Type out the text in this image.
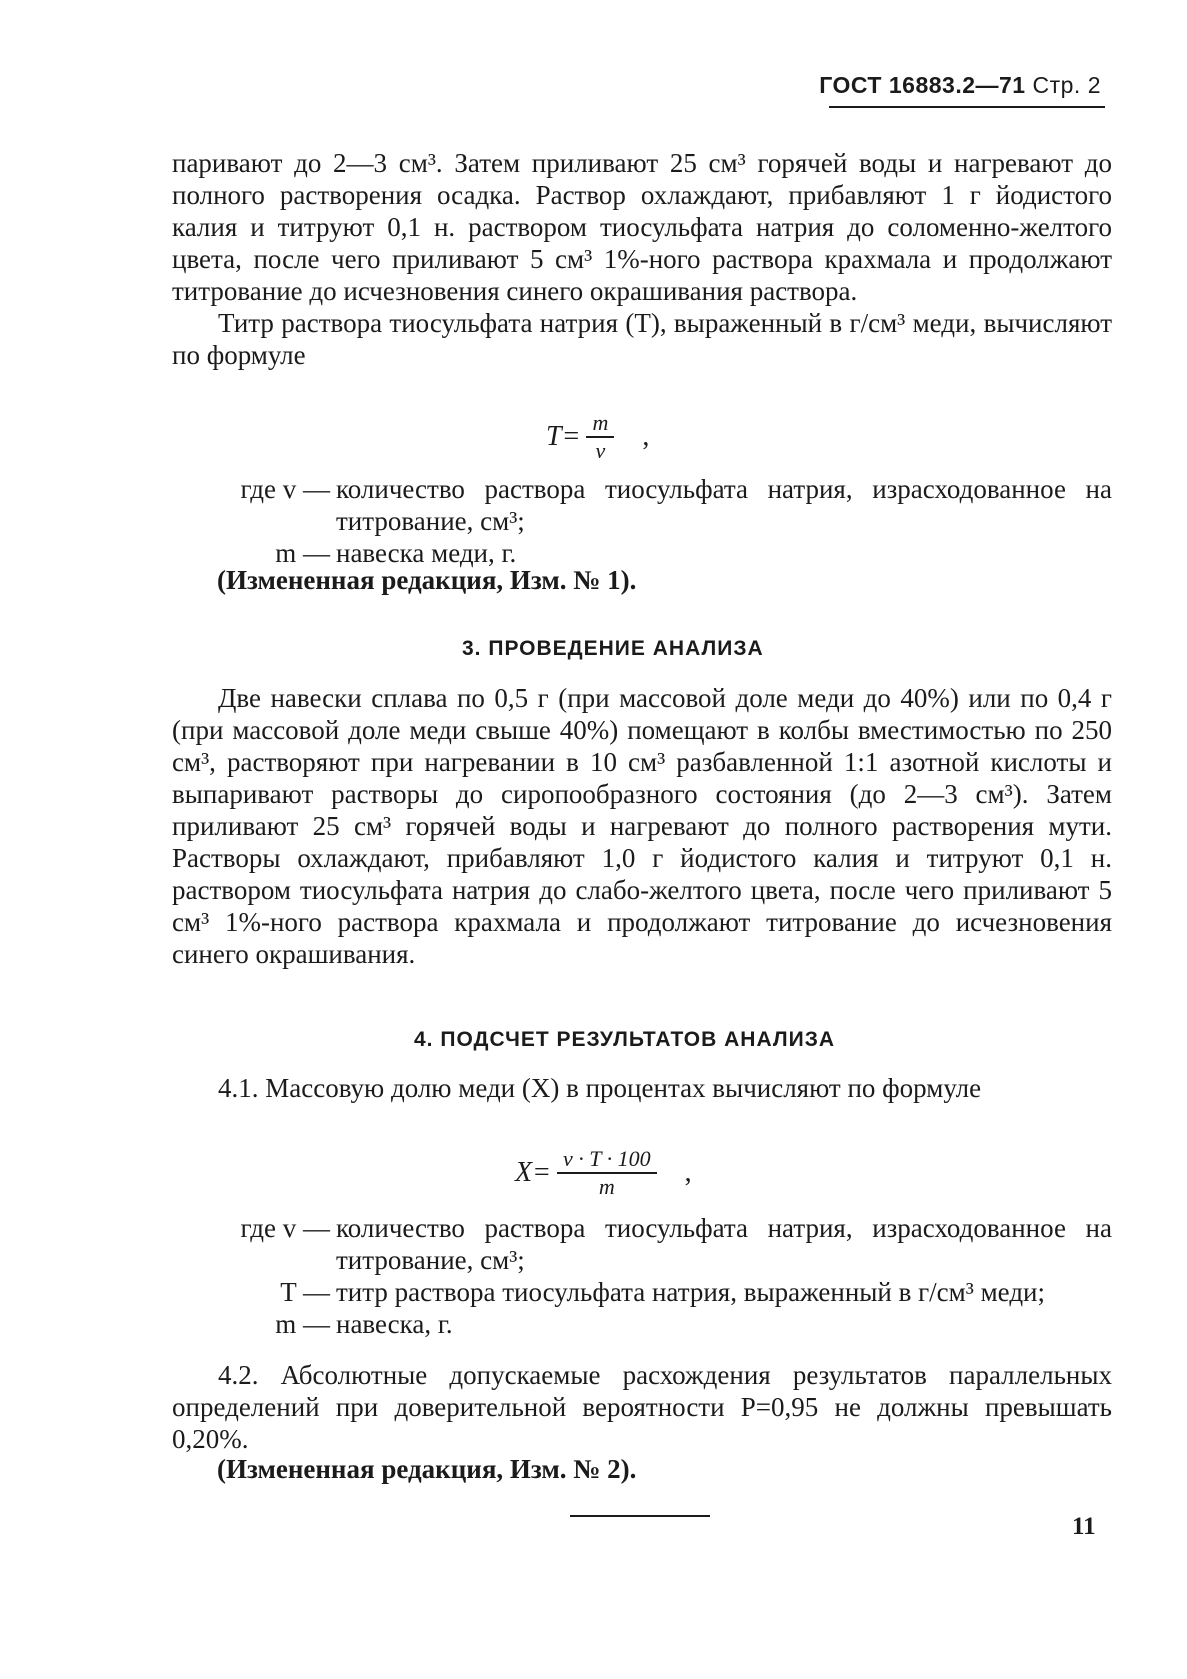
ГОСТ 16883.2—71 Стр. 2

паривают до 2—3 см³. Затем приливают 25 см³ горячей воды и нагревают до полного растворения осадка. Раствор охлаждают, прибавляют 1 г йодистого калия и титруют 0,1 н. раствором тиосульфата натрия до соломенно-желтого цвета, после чего приливают 5 см³ 1%-ного раствора крахмала и продолжают титрование до исчезновения синего окрашивания раствора.

Титр раствора тиосульфата натрия (T), выраженный в г/см³ меди, вычисляют по формуле

$T= \frac{m}{v}$ ,
где v — количество раствора тиосульфата натрия, израсходованное на титрование, см³;
m — навеска меди, г.
(Измененная редакция, Изм. № 1).
3. ПРОВЕДЕНИЕ АНАЛИЗА

Две навески сплава по 0,5 г (при массовой доле меди до 40%) или по 0,4 г (при массовой доле меди свыше 40%) помещают в колбы вместимостью по 250 см³, растворяют при нагревании в 10 см³ разбавленной 1:1 азотной кислоты и выпаривают растворы до сиропообразного состояния (до 2—3 см³). Затем приливают 25 см³ горячей воды и нагревают до полного растворения мути. Растворы охлаждают, прибавляют 1,0 г йодистого калия и титруют 0,1 н. раствором тиосульфата натрия до слабо-желтого цвета, после чего приливают 5 см³ 1%-ного раствора крахмала и продолжают титрование до исчезновения синего окрашивания.

4. ПОДСЧЕТ РЕЗУЛЬТАТОВ АНАЛИЗА

4.1. Массовую долю меди (X) в процентах вычисляют по формуле

$X= \frac{v \cdot T \cdot 100}{m}$ ,
где v — количество раствора тиосульфата натрия, израсходованное на титрование, см³;
T — титр раствора тиосульфата натрия, выраженный в г/см³ меди;
m — навеска, г.

4.2. Абсолютные допускаемые расхождения результатов параллельных определений при доверительной вероятности P=0,95 не должны превышать 0,20%.

(Измененная редакция, Изм. № 2).
11
